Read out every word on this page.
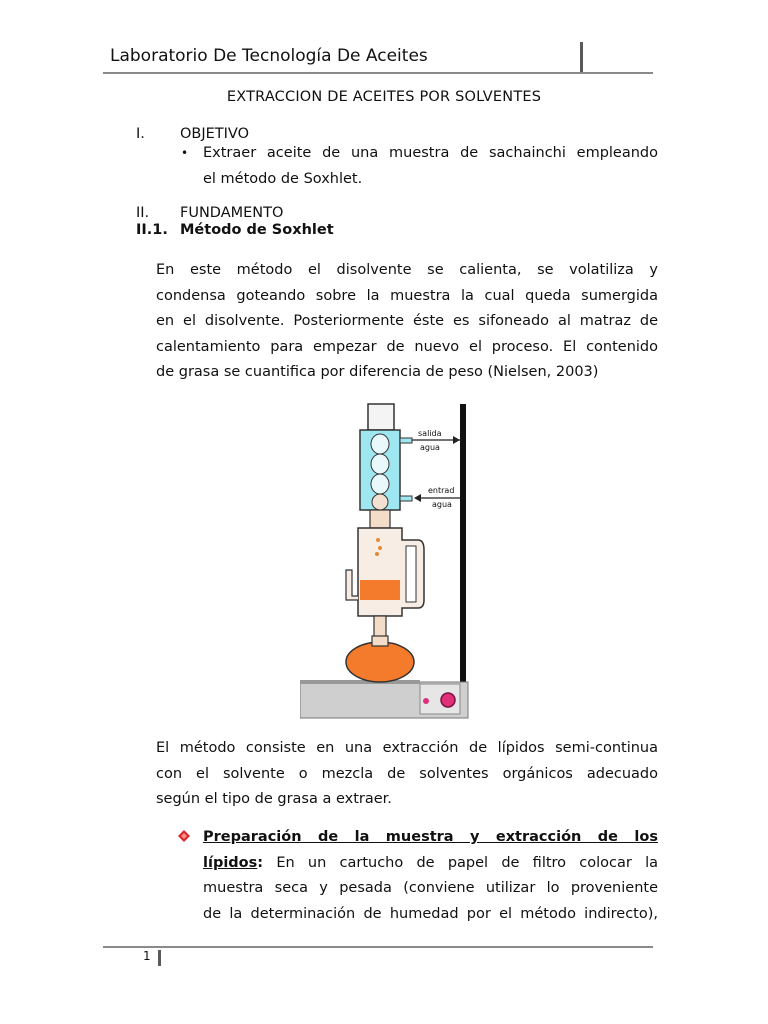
Laboratorio De Tecnología De Aceites
EXTRACCION DE ACEITES POR SOLVENTES
I. OBJETIVO
• Extraer aceite de una muestra de sachainchi empleando
el método de Soxhlet.
II. FUNDAMENTO
II.1. Método de Soxhlet

En este método el disolvente se calienta, se volatiliza y

condensa goteando sobre la muestra la cual queda sumergida

en el disolvente. Posteriormente éste es sifoneado al matraz de

calentamiento para empezar de nuevo el proceso. El contenido

de grasa se cuantifica por diferencia de peso (Nielsen, 2003)

salida
agua
entrad
agua

El método consiste en una extracción de lípidos semi-continua

con el solvente o mezcla de solventes orgánicos adecuado

según el tipo de grasa a extraer.

Preparación de la muestra y extracción de los

lípidos: En un cartucho de papel de filtro colocar la

muestra seca y pesada (conviene utilizar lo proveniente

de la determinación de humedad por el método indirecto),

1
